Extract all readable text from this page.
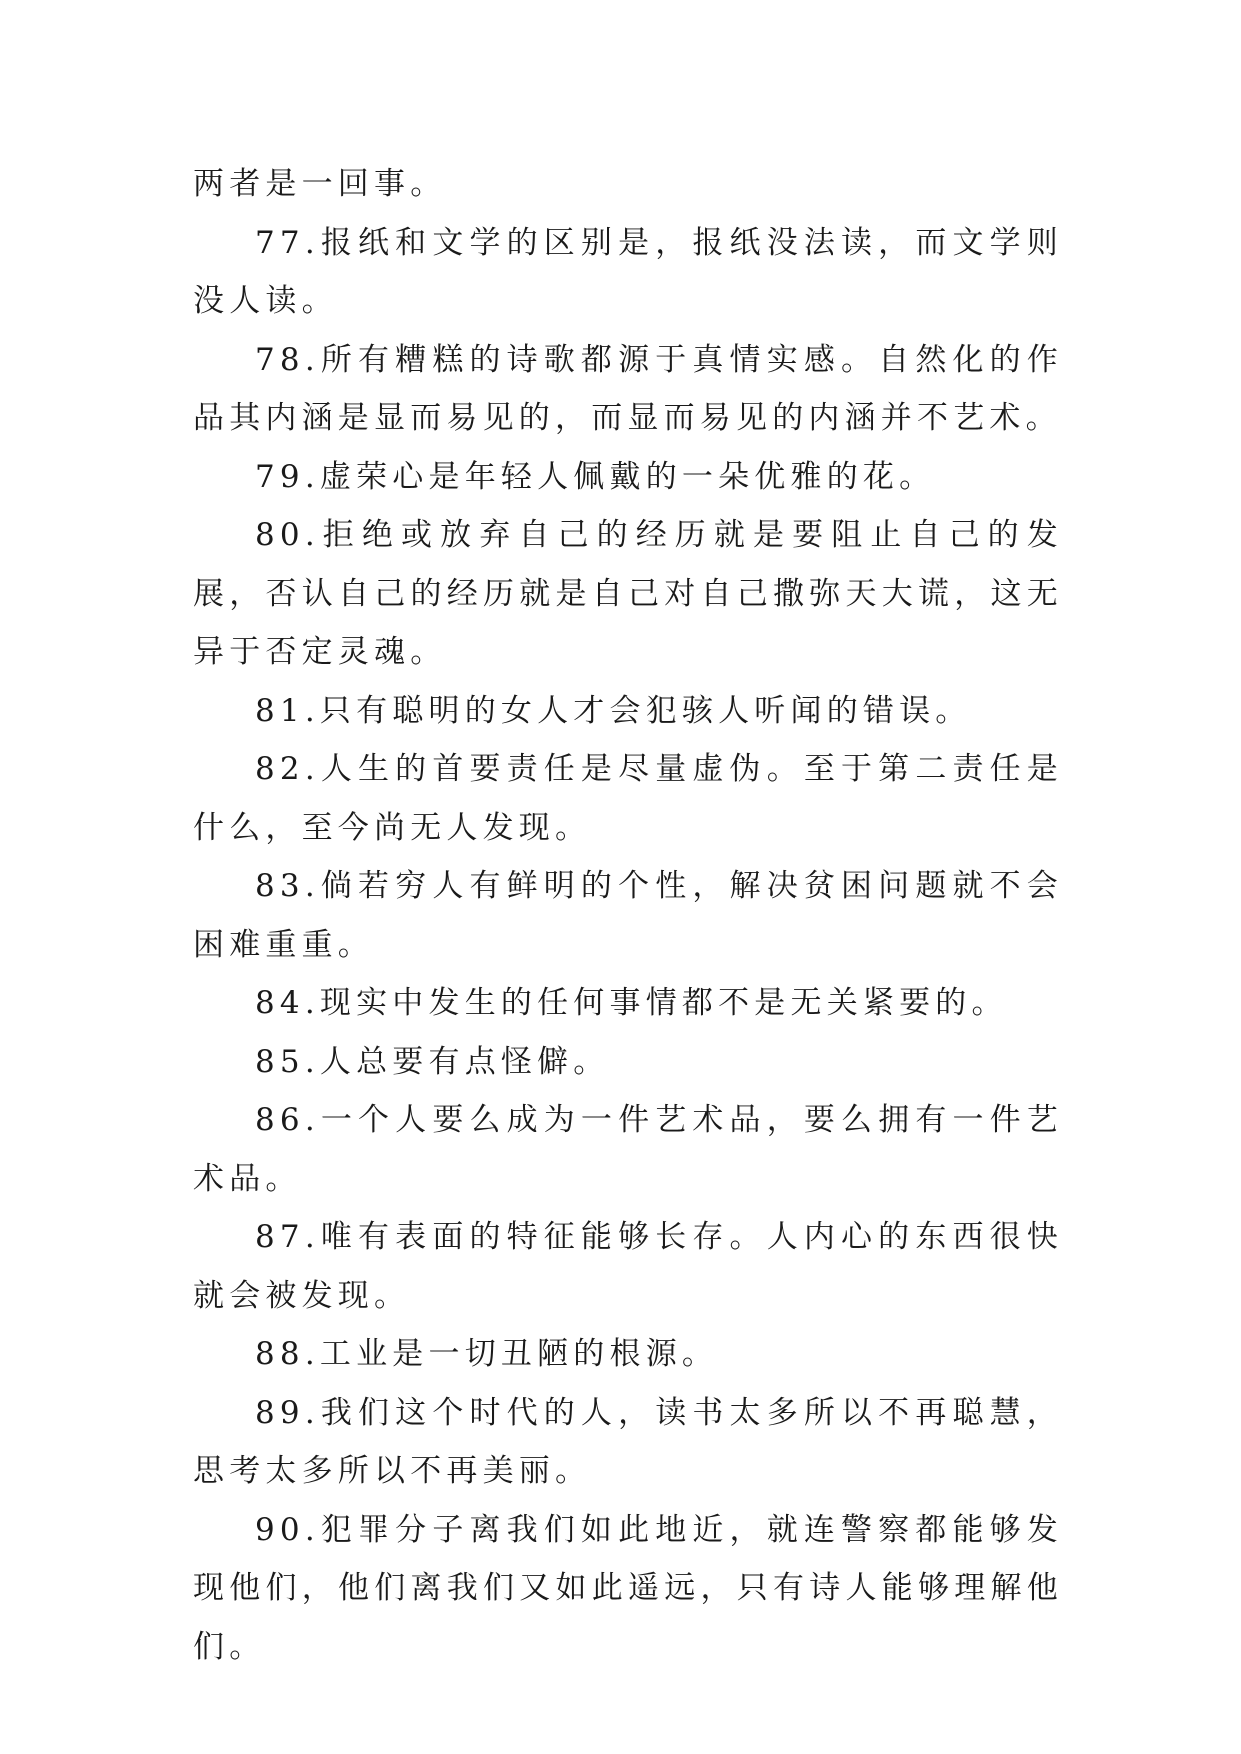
两者是一回事。

77.报纸和文学的区别是，报纸没法读，而文学则没人读。

78.所有糟糕的诗歌都源于真情实感。自然化的作品其内涵是显而易见的，而显而易见的内涵并不艺术。

79.虚荣心是年轻人佩戴的一朵优雅的花。

80.拒绝或放弃自己的经历就是要阻止自己的发展，否认自己的经历就是自己对自己撒弥天大谎，这无异于否定灵魂。

81.只有聪明的女人才会犯骇人听闻的错误。

82.人生的首要责任是尽量虚伪。至于第二责任是什么，至今尚无人发现。

83.倘若穷人有鲜明的个性，解决贫困问题就不会困难重重。

84.现实中发生的任何事情都不是无关紧要的。

85.人总要有点怪僻。

86.一个人要么成为一件艺术品，要么拥有一件艺术品。

87.唯有表面的特征能够长存。人内心的东西很快就会被发现。

88.工业是一切丑陋的根源。

89.我们这个时代的人，读书太多所以不再聪慧，思考太多所以不再美丽。

90.犯罪分子离我们如此地近，就连警察都能够发现他们，他们离我们又如此遥远，只有诗人能够理解他们。
